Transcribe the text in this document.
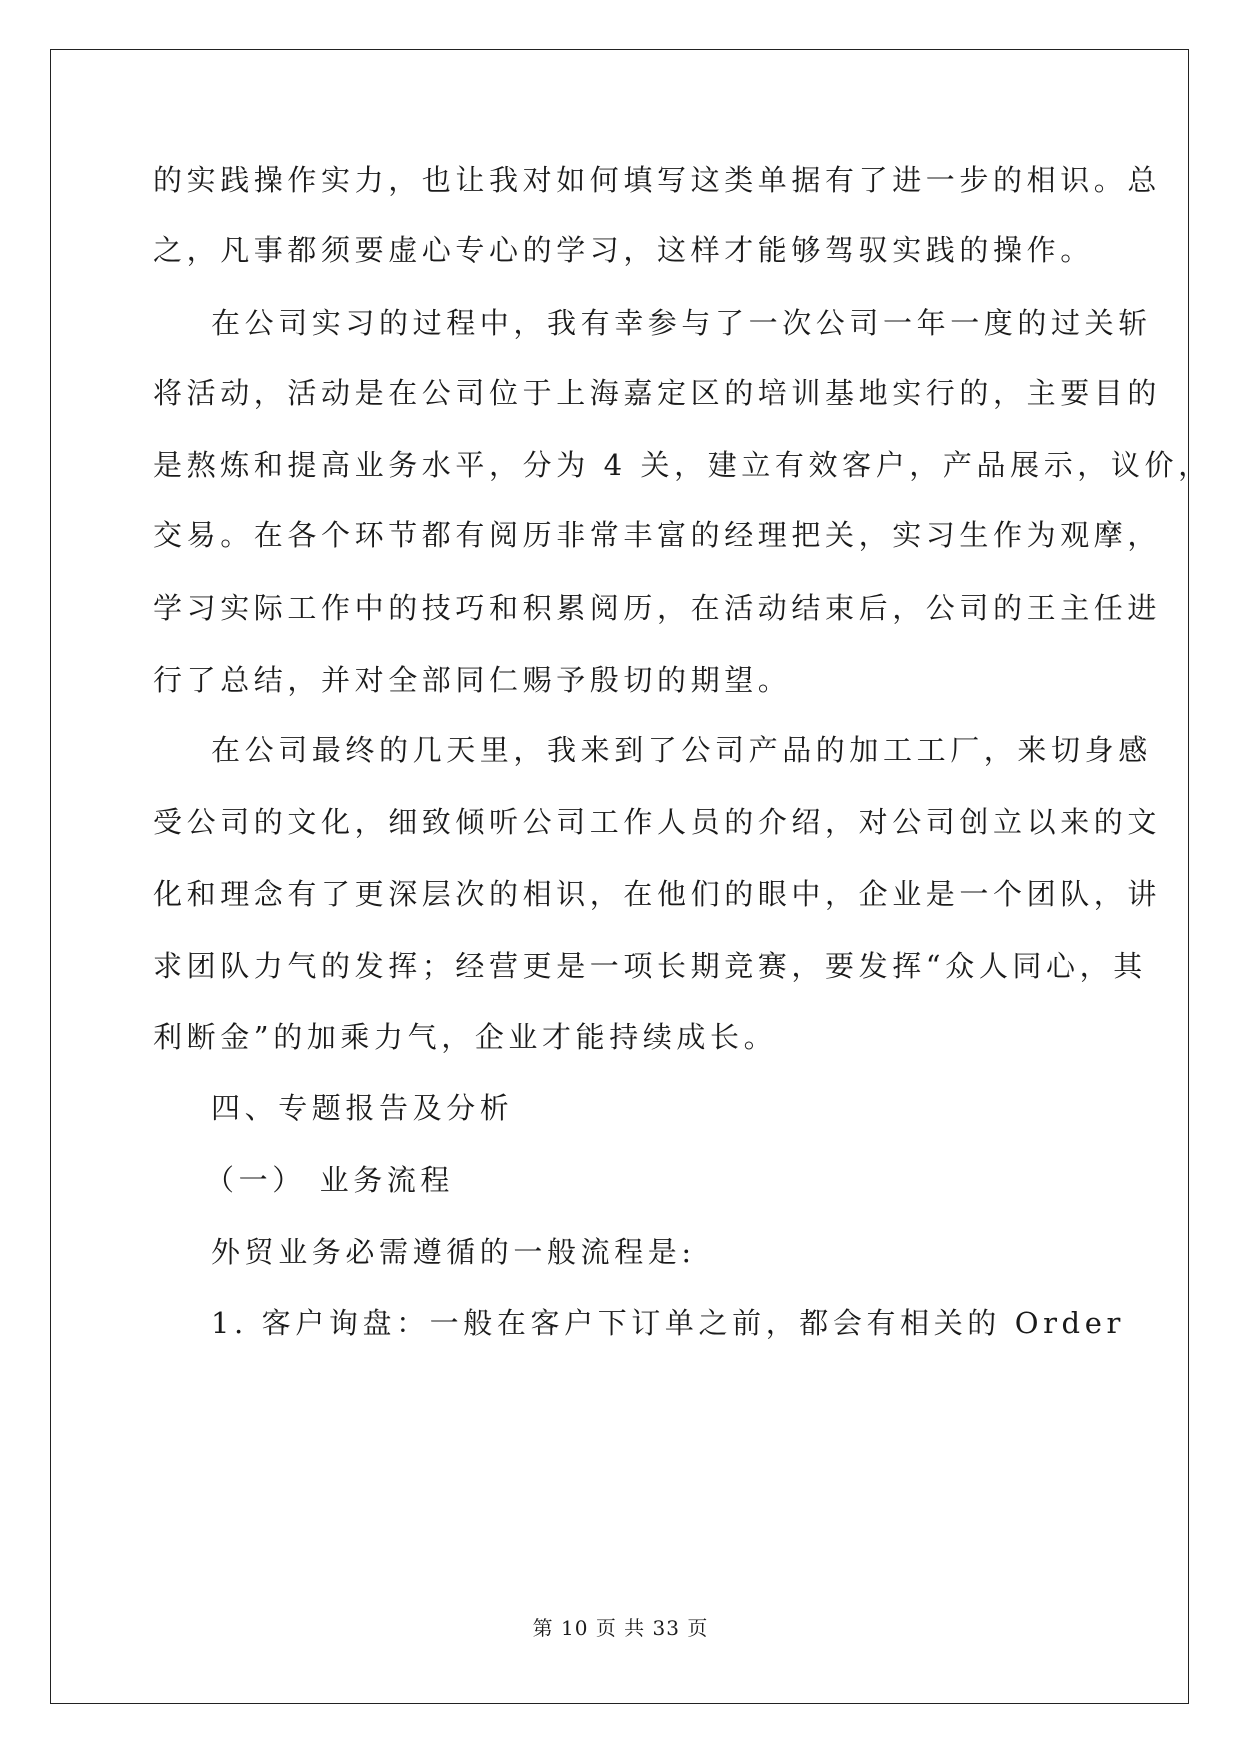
的实践操作实力，也让我对如何填写这类单据有了进一步的相识。总
之，凡事都须要虚心专心的学习，这样才能够驾驭实践的操作。
在公司实习的过程中，我有幸参与了一次公司一年一度的过关斩
将活动，活动是在公司位于上海嘉定区的培训基地实行的，主要目的
是熬炼和提高业务水平，分为 4 关，建立有效客户，产品展示，议价，
交易。在各个环节都有阅历非常丰富的经理把关，实习生作为观摩，
学习实际工作中的技巧和积累阅历，在活动结束后，公司的王主任进
行了总结，并对全部同仁赐予殷切的期望。
在公司最终的几天里，我来到了公司产品的加工工厂，来切身感
受公司的文化，细致倾听公司工作人员的介绍，对公司创立以来的文
化和理念有了更深层次的相识，在他们的眼中，企业是一个团队，讲
求团队力气的发挥；经营更是一项长期竞赛，要发挥“众人同心，其
利断金”的加乘力气，企业才能持续成长。
四、专题报告及分析
（一） 业务流程
外贸业务必需遵循的一般流程是:
1. 客户询盘：一般在客户下订单之前，都会有相关的 Order
第 10 页 共 33 页
